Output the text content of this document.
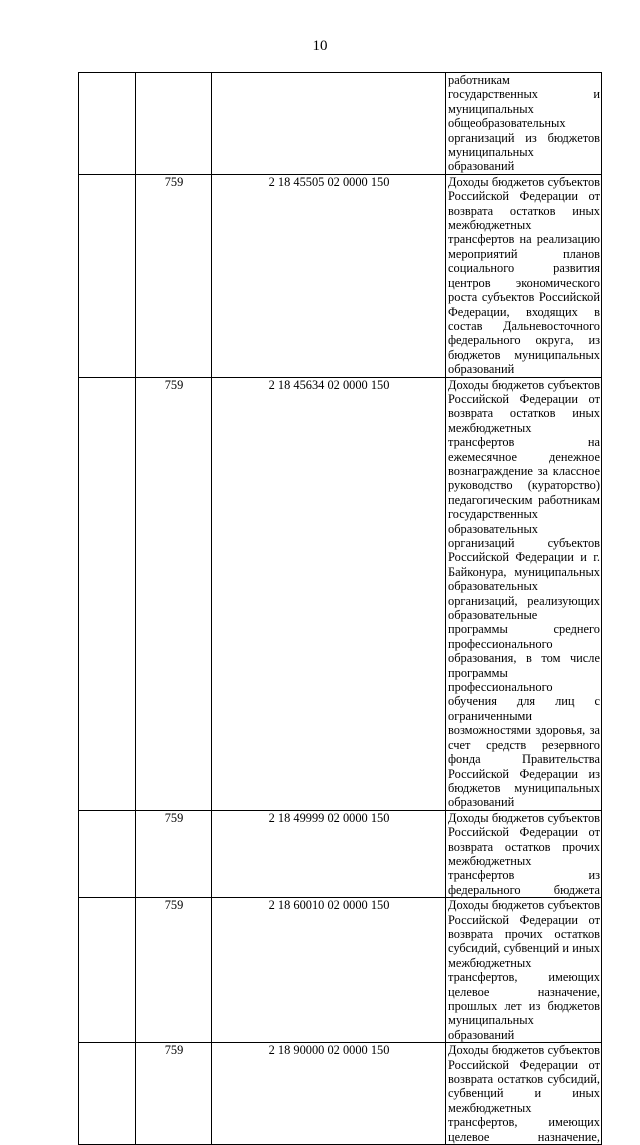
10
			работникам государственных и муниципальных общеобразовательных организаций из бюджетов муниципальных образований
	759	2 18 45505 02 0000 150	Доходы бюджетов субъектов Российской Федерации от возврата остатков иных межбюджетных трансфертов на реализацию мероприятий планов социального развития центров экономического роста субъектов Российской Федерации, входящих в состав Дальневосточного федерального округа, из бюджетов муниципальных образований
	759	2 18 45634 02 0000 150	Доходы бюджетов субъектов Российской Федерации от возврата остатков иных межбюджетных трансфертов на ежемесячное денежное вознаграждение за классное руководство (кураторство) педагогическим работникам государственных образовательных организаций субъектов Российской Федерации и г. Байконура, муниципальных образовательных организаций, реализующих образовательные программы среднего профессионального образования, в том числе программы профессионального обучения для лиц с ограниченными возможностями здоровья, за счет средств резервного фонда Правительства Российской Федерации из бюджетов муниципальных образований
	759	2 18 49999 02 0000 150	Доходы бюджетов субъектов Российской Федерации от возврата остатков прочих межбюджетных трансфертов из федерального бюджета
	759	2 18 60010 02 0000 150	Доходы бюджетов субъектов Российской Федерации от возврата прочих остатков субсидий, субвенций и иных межбюджетных трансфертов, имеющих целевое назначение, прошлых лет из бюджетов муниципальных образований
	759	2 18 90000 02 0000 150	Доходы бюджетов субъектов Российской Федерации от возврата остатков субсидий, субвенций и иных межбюджетных трансфертов, имеющих целевое назначение,
